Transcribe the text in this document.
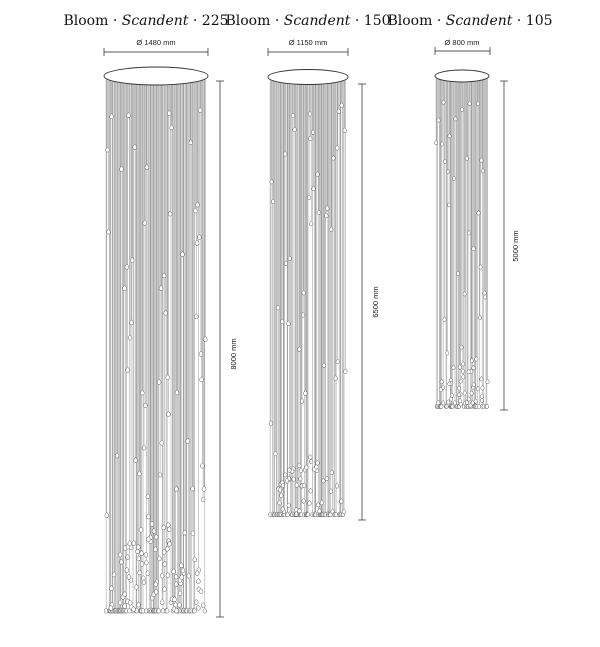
Bloom · Scandent · 225
Ø 1480 mm
8000 mm
Bloom · Scandent · 150
Ø 1150 mm
6500 mm
Bloom · Scandent · 105
Ø 800 mm
5000 mm
